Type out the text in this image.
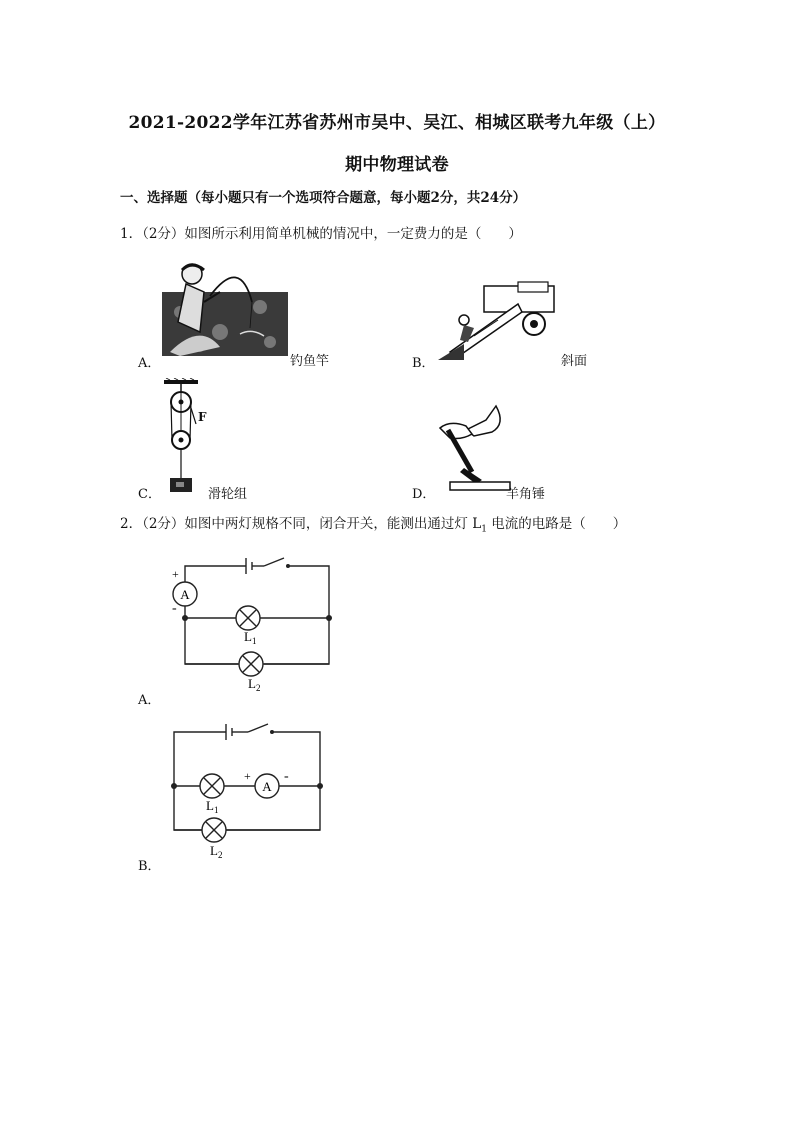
2021-2022学年江苏省苏州市吴中、吴江、相城区联考九年级（上）
期中物理试卷
一、选择题（每小题只有一个选项符合题意，每小题2分，共24分）
1．（2分）如图所示利用简单机械的情况中，一定费力的是（　　）
A．	钓鱼竿	B．	斜面
C．
F
滑轮组	D．	羊角锤
2．（2分）如图中两灯规格不同，闭合开关，能测出通过灯 $L_1$ 电流的电路是（　　）
A
+
-
$L_1$
$L_2$
A．
$L_1$
A
+ -
$L_2$
B．
